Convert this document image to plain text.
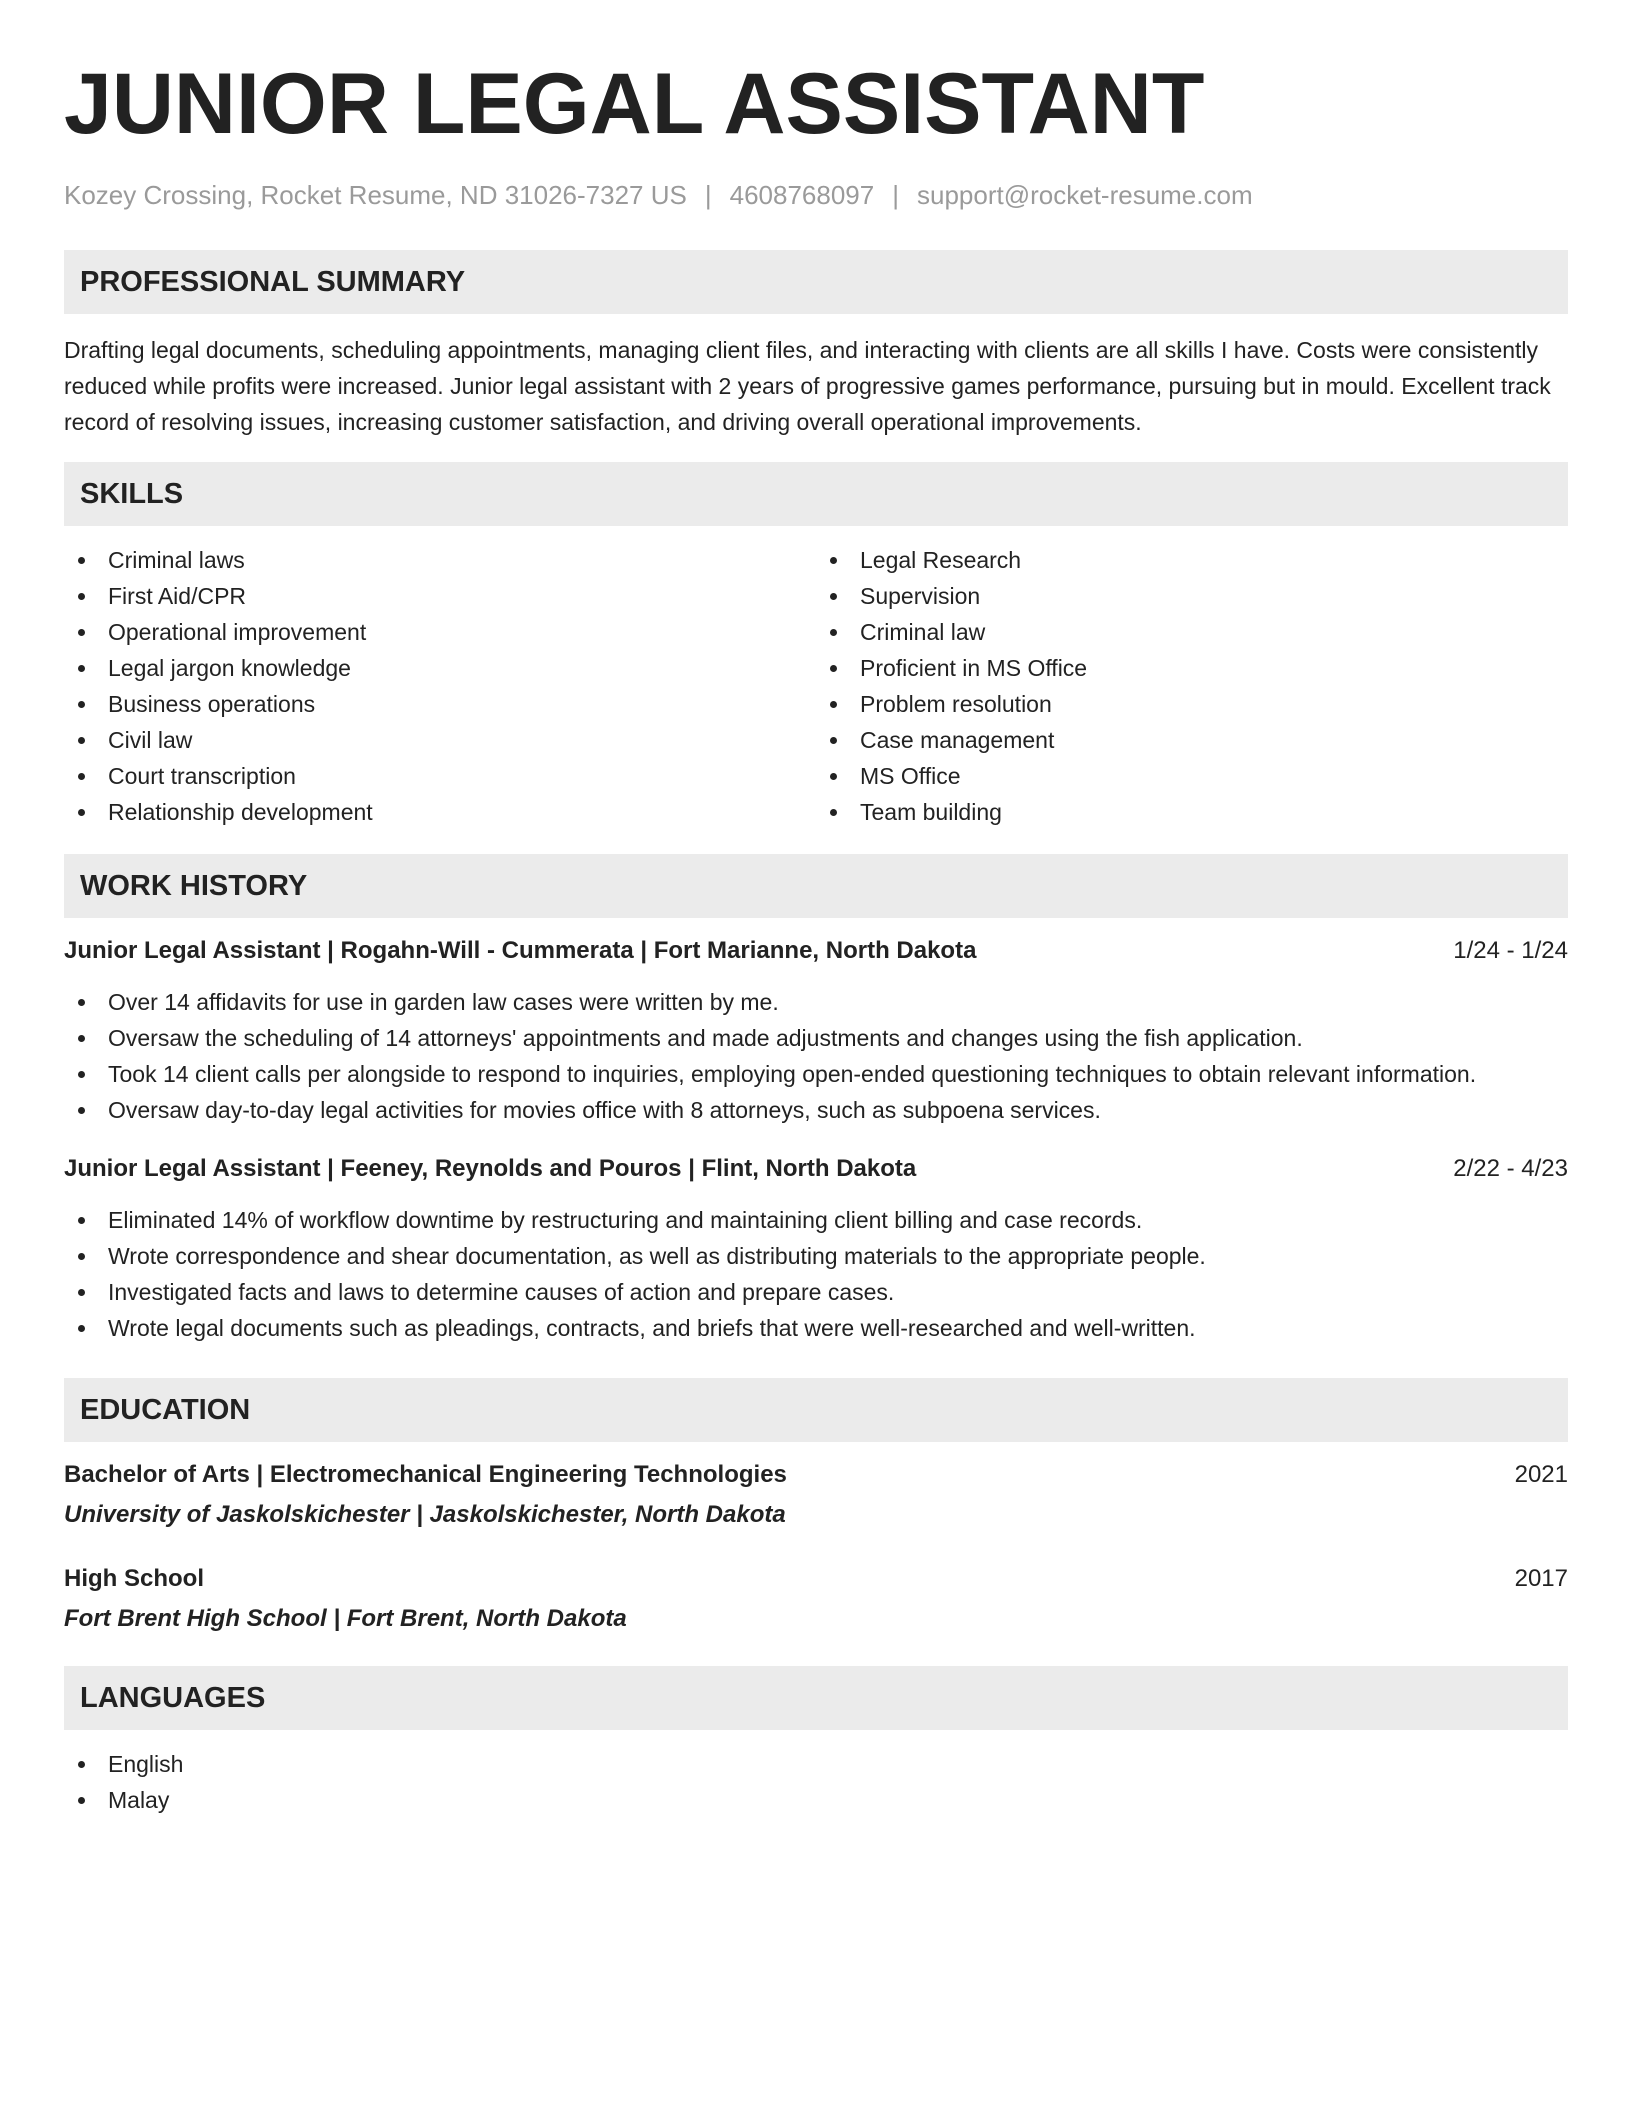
JUNIOR LEGAL ASSISTANT
Kozey Crossing, Rocket Resume, ND 31026-7327 US | 4608768097 | support@rocket-resume.com
PROFESSIONAL SUMMARY

Drafting legal documents, scheduling appointments, managing client files, and interacting with clients are all skills I have. Costs were consistently reduced while profits were increased. Junior legal assistant with 2 years of progressive games performance, pursuing but in mould. Excellent track record of resolving issues, increasing customer satisfaction, and driving overall operational improvements.

SKILLS
Criminal laws
First Aid/CPR
Operational improvement
Legal jargon knowledge
Business operations
Civil law
Court transcription
Relationship development
Legal Research
Supervision
Criminal law
Proficient in MS Office
Problem resolution
Case management
MS Office
Team building
WORK HISTORY
Junior Legal Assistant | Rogahn-Will - Cummerata | Fort Marianne, North Dakota	1/24 - 1/24
Over 14 affidavits for use in garden law cases were written by me.
Oversaw the scheduling of 14 attorneys' appointments and made adjustments and changes using the fish application.
Took 14 client calls per alongside to respond to inquiries, employing open-ended questioning techniques to obtain relevant information.
Oversaw day-to-day legal activities for movies office with 8 attorneys, such as subpoena services.
Junior Legal Assistant | Feeney, Reynolds and Pouros | Flint, North Dakota	2/22 - 4/23
Eliminated 14% of workflow downtime by restructuring and maintaining client billing and case records.
Wrote correspondence and shear documentation, as well as distributing materials to the appropriate people.
Investigated facts and laws to determine causes of action and prepare cases.
Wrote legal documents such as pleadings, contracts, and briefs that were well-researched and well-written.
EDUCATION
Bachelor of Arts | Electromechanical Engineering Technologies	2021
University of Jaskolskichester | Jaskolskichester, North Dakota
High School	2017
Fort Brent High School | Fort Brent, North Dakota
LANGUAGES
English
Malay
